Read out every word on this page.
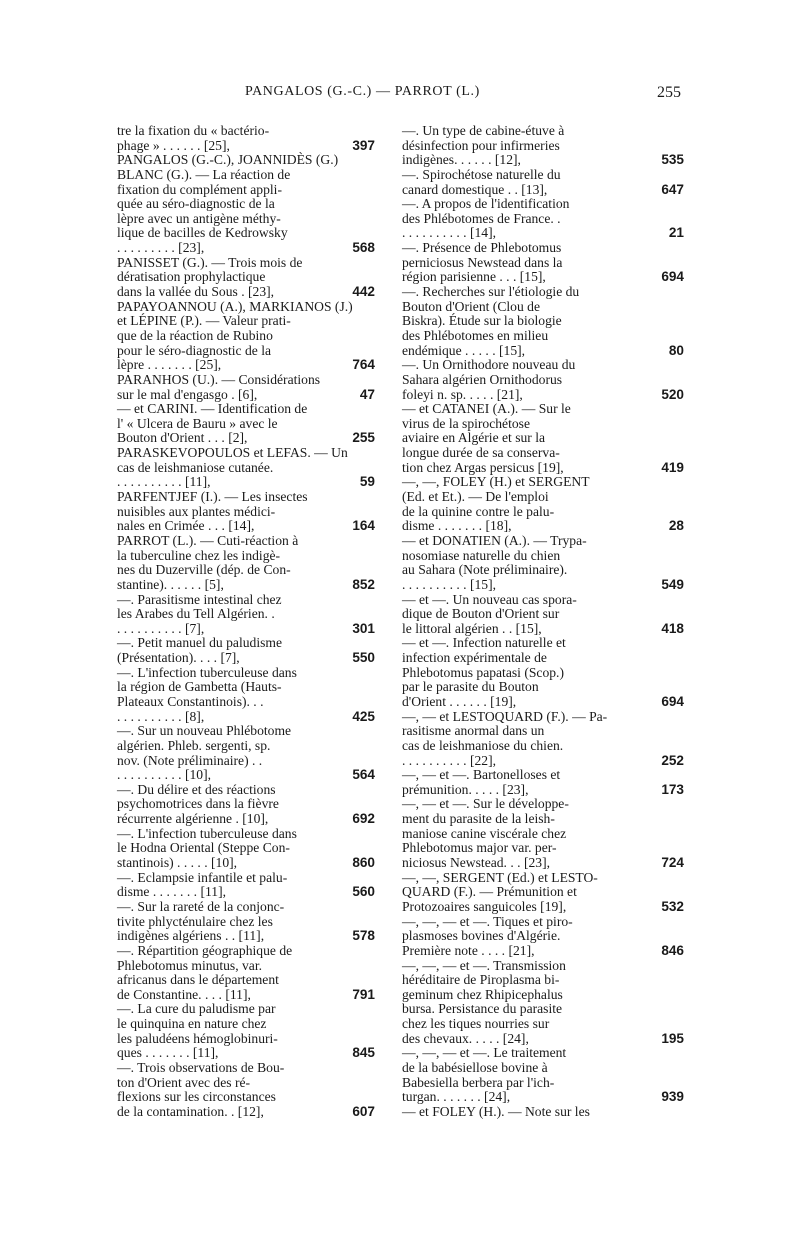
PANGALOS (G.-C.) — PARROT (L.)	255
tre la fixation du « bactério-
phage » . . . . . . [25],	397
PANGALOS (G.-C.), JOANNIDÈS (G.)
BLANC (G.). — La réaction de
fixation du complément appli-
quée au séro-diagnostic de la
lèpre avec un antigène méthy-
lique de bacilles de Kedrowsky
. . . . . . . . . [23],	568
PANISSET (G.). — Trois mois de
dératisation prophylactique
dans la vallée du Sous . [23],	442
PAPAYOANNOU (A.), MARKIANOS (J.)
et LÉPINE (P.). — Valeur prati-
que de la réaction de Rubino
pour le séro-diagnostic de la
lèpre . . . . . . . [25],	764
PARANHOS (U.). — Considérations
sur le mal d'engasgo . [6],	47
— et CARINI. — Identification de
l' « Ulcera de Bauru » avec le
Bouton d'Orient . . . [2],	255
PARASKEVOPOULOS et LEFAS. — Un
cas de leishmaniose cutanée.
. . . . . . . . . . [11],	59
PARFENTJEF (I.). — Les insectes
nuisibles aux plantes médici-
nales en Crimée . . . [14],	164
PARROT (L.). — Cuti-réaction à
la tuberculine chez les indigè-
nes du Duzerville (dép. de Con-
stantine). . . . . . [5],	852
—. Parasitisme intestinal chez
les Arabes du Tell Algérien. .
. . . . . . . . . . [7],	301
—. Petit manuel du paludisme
(Présentation). . . . [7],	550
—. L'infection tuberculeuse dans
la région de Gambetta (Hauts-
Plateaux Constantinois). . .
. . . . . . . . . . [8],	425
—. Sur un nouveau Phlébotome
algérien. Phleb. sergenti, sp.
nov. (Note préliminaire) . .
. . . . . . . . . . [10],	564
—. Du délire et des réactions
psychomotrices dans la fièvre
récurrente algérienne . [10],	692
—. L'infection tuberculeuse dans
le Hodna Oriental (Steppe Con-
stantinois) . . . . . [10],	860
—. Eclampsie infantile et palu-
disme . . . . . . . [11],	560
—. Sur la rareté de la conjonc-
tivite phlycténulaire chez les
indigènes algériens . . [11],	578
—. Répartition géographique de
Phlebotomus minutus, var.
africanus dans le département
de Constantine. . . . [11],	791
—. La cure du paludisme par
le quinquina en nature chez
les paludéens hémoglobinuri-
ques . . . . . . . [11],	845
—. Trois observations de Bou-
ton d'Orient avec des ré-
flexions sur les circonstances
de la contamination. . [12],	607
—. Un type de cabine-étuve à
désinfection pour infirmeries
indigènes. . . . . . [12],	535
—. Spirochétose naturelle du
canard domestique . . [13],	647
—. A propos de l'identification
des Phlébotomes de France. .
. . . . . . . . . . [14],	21
—. Présence de Phlebotomus
perniciosus Newstead dans la
région parisienne . . . [15],	694
—. Recherches sur l'étiologie du
Bouton d'Orient (Clou de
Biskra). Étude sur la biologie
des Phlébotomes en milieu
endémique . . . . . [15],	80
—. Un Ornithodore nouveau du
Sahara algérien Ornithodorus
foleyi n. sp. . . . . [21],	520
— et CATANEI (A.). — Sur le
virus de la spirochétose
aviaire en Algérie et sur la
longue durée de sa conserva-
tion chez Argas persicus [19],	419
—, —, FOLEY (H.) et SERGENT
(Ed. et Et.). — De l'emploi
de la quinine contre le palu-
disme . . . . . . . [18],	28
— et DONATIEN (A.). — Trypa-
nosomiase naturelle du chien
au Sahara (Note préliminaire).
. . . . . . . . . . [15],	549
— et —. Un nouveau cas spora-
dique de Bouton d'Orient sur
le littoral algérien . . [15],	418
— et —. Infection naturelle et
infection expérimentale de
Phlebotomus papatasi (Scop.)
par le parasite du Bouton
d'Orient . . . . . . [19],	694
—, — et LESTOQUARD (F.). — Pa-
rasitisme anormal dans un
cas de leishmaniose du chien.
. . . . . . . . . . [22],	252
—, — et —. Bartonelloses et
prémunition. . . . . [23],	173
—, — et —. Sur le développe-
ment du parasite de la leish-
maniose canine viscérale chez
Phlebotomus major var. per-
niciosus Newstead. . . [23],	724
—, —, SERGENT (Ed.) et LESTO-
QUARD (F.). — Prémunition et
Protozoaires sanguicoles [19],	532
—, —, — et —. Tiques et piro-
plasmoses bovines d'Algérie.
Première note . . . . [21],	846
—, —, — et —. Transmission
héréditaire de Piroplasma bi-
geminum chez Rhipicephalus
bursa. Persistance du parasite
chez les tiques nourries sur
des chevaux. . . . . [24],	195
—, —, — et —. Le traitement
de la babésiellose bovine à
Babesiella berbera par l'ich-
turgan. . . . . . . [24],	939
— et FOLEY (H.). — Note sur les
